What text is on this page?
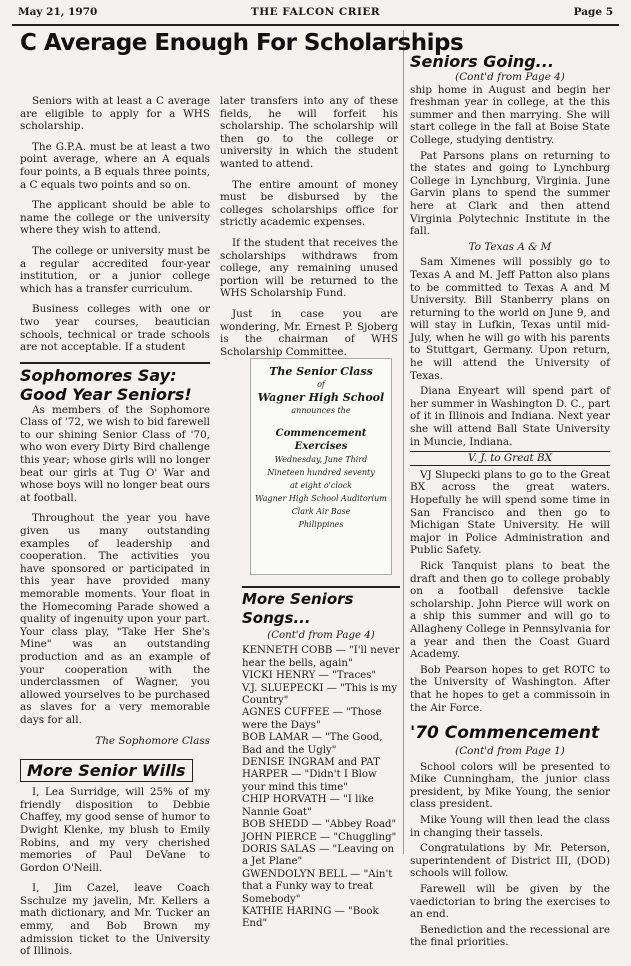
May 21, 1970	THE FALCON CRIER	Page 5
C Average Enough For Scholarships

Seniors with at least a C average are eligible to apply for a WHS scholarship.

The G.P.A. must be at least a two point average, where an A equals four points, a B equals three points, a C equals two points and so on.

The applicant should be able to name the college or the university where they wish to attend.

The college or university must be a regular accredited four-year institution, or a junior college which has a transfer curriculum.

Business colleges with one or two year courses, beautician schools, technical or trade schools are not acceptable. If a student

Sophomores Say:
Good Year Seniors!

As members of the Sophomore Class of '72, we wish to bid farewell to our shining Senior Class of '70, who won every Dirty Bird challenge this year; whose girls will no longer beat our girls at Tug O' War and whose boys will no longer beat ours at football.

Throughout the year you have given us many outstanding examples of leadership and cooperation. The activities you have sponsored or participated in this year have provided many memorable moments. Your float in the Homecoming Parade showed a quality of ingenuity upon your part. Your class play, "Take Her She's Mine" was an outstanding production and as an example of your cooperation with the underclassmen of Wagner, you allowed yourselves to be purchased as slaves for a very memorable days for all.

The Sophomore Class
More Senior Wills

I, Lea Surridge, will 25% of my friendly disposition to Debbie Chaffey, my good sense of humor to Dwight Klenke, my blush to Emily Robins, and my very cherished memories of Paul DeVane to Gordon O'Neill.

I, Jim Cazel, leave Coach Sschulze my javelin, Mr. Kellers a math dictionary, and Mr. Tucker an emmy, and Bob Brown my admission ticket to the University of Illinois.

later transfers into any of these fields, he will forfeit his scholarship. The scholarship will then go to the college or university in which the student wanted to attend.

The entire amount of money must be disbursed by the colleges scholarships office for strictly academic expenses.

If the student that receives the scholarships withdraws from college, any remaining unused portion will be returned to the WHS Scholarship Fund.

Just in case you are wondering, Mr. Ernest P. Sjoberg is the chairman of WHS Scholarship Committee.

The Senior Class
of
Wagner High School
announces the
Commencement Exercises
Wednesday, June Third
Nineteen hundred seventy
at eight o'clock
Wagner High School Auditorium
Clark Air Base
Philippines
More Seniors Songs...
(Cont'd from Page 4)
KENNETH COBB — "I'll never hear the bells, again"
VICKI HENRY — "Traces"
V.J. SLUEPECKI — "This is my Country"
AGNES CUFFEE — "Those were the Days"
BOB LAMAR — "The Good, Bad and the Ugly"
DENISE INGRAM and PAT HARPER — "Didn't I Blow your mind this time"
CHIP HORVATH — "I like Nannie Goat"
BOB SHEDD — "Abbey Road"
JOHN PIERCE — "Chuggling"
DORIS SALAS — "Leaving on a Jet Plane"
GWENDOLYN BELL — "Ain't that a Funky way to treat Somebody"
KATHIE HARING — "Book End"
Seniors Going...
(Cont'd from Page 4)

ship home in August and begin her freshman year in college, at the this summer and then marrying. She will start college in the fall at Boise State College, studying dentistry.

Pat Parsons plans on returning to the states and going to Lynchburg College in Lynchburg, Virginia. June Garvin plans to spend the summer here at Clark and then attend Virginia Polytechnic Institute in the fall.

To Texas A & M

Sam Ximenes will possibly go to Texas A and M. Jeff Patton also plans to be committed to Texas A and M University. Bill Stanberry plans on returning to the world on June 9, and will stay in Lufkin, Texas until mid-July, when he will go with his parents to Stuttgart, Germany. Upon return, he will attend the University of Texas.

Diana Enyeart will spend part of her summer in Washington D. C., part of it in Illinois and Indiana. Next year she will attend Ball State University in Muncie, Indiana.

V. J. to Great BX

VJ Slupecki plans to go to the Great BX across the great waters. Hopefully he will spend some time in San Francisco and then go to Michigan State University. He will major in Police Administration and Public Safety.

Rick Tanquist plans to beat the draft and then go to college probably on a football defensive tackle scholarship. John Pierce will work on a ship this summer and will go to Allagheny College in Pennsylvania for a year and then the Coast Guard Academy.

Bob Pearson hopes to get ROTC to the University of Washington. After that he hopes to get a commissoin in the Air Force.

'70 Commencement
(Cont'd from Page 1)

School colors will be presented to Mike Cunningham, the junior class president, by Mike Young, the senior class president.

Mike Young will then lead the class in changing their tassels.

Congratulations by Mr. Peterson, superintendent of District III, (DOD) schools will follow.

Farewell will be given by the vaedictorian to bring the exercises to an end.

Benediction and the recessional are the final priorities.
